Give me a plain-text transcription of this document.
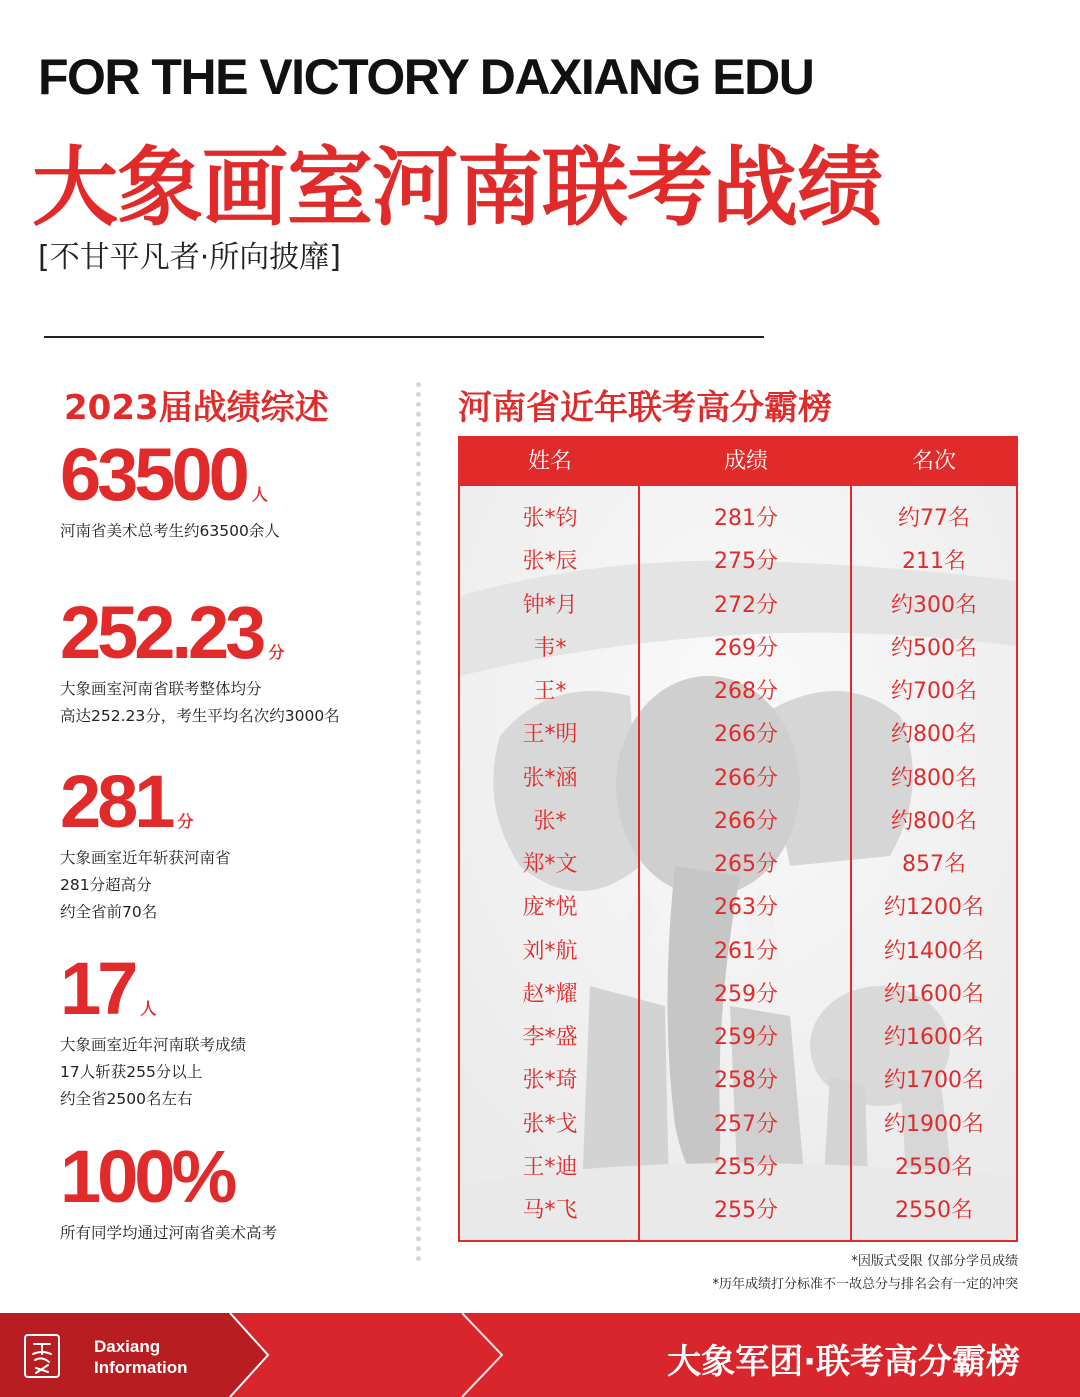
FOR THE VICTORY DAXIANG EDU
大象画室河南联考战绩
[不甘平凡者·所向披靡]
2023届战绩综述
63500 人
河南省美术总考生约63500余人
252.23 分
大象画室河南省联考整体均分
高达252.23分，考生平均名次约3000名
281 分
大象画室近年斩获河南省
281分超高分
约全省前70名
17 人
大象画室近年河南联考成绩
17人斩获255分以上
约全省2500名左右
100%
所有同学均通过河南省美术高考
河南省近年联考高分霸榜
姓名	成绩	名次
张*钧	281分	约77名
张*辰	275分	211名
钟*月	272分	约300名
韦*	269分	约500名
王*	268分	约700名
王*明	266分	约800名
张*涵	266分	约800名
张*	266分	约800名
郑*文	265分	857名
庞*悦	263分	约1200名
刘*航	261分	约1400名
赵*耀	259分	约1600名
李*盛	259分	约1600名
张*琦	258分	约1700名
张*戈	257分	约1900名
王*迪	255分	2550名
马*飞	255分	2550名
*因版式受限 仅部分学员成绩
*历年成绩打分标准不一故总分与排名会有一定的冲突
Daxiang
Information	大象军团·联考高分霸榜
